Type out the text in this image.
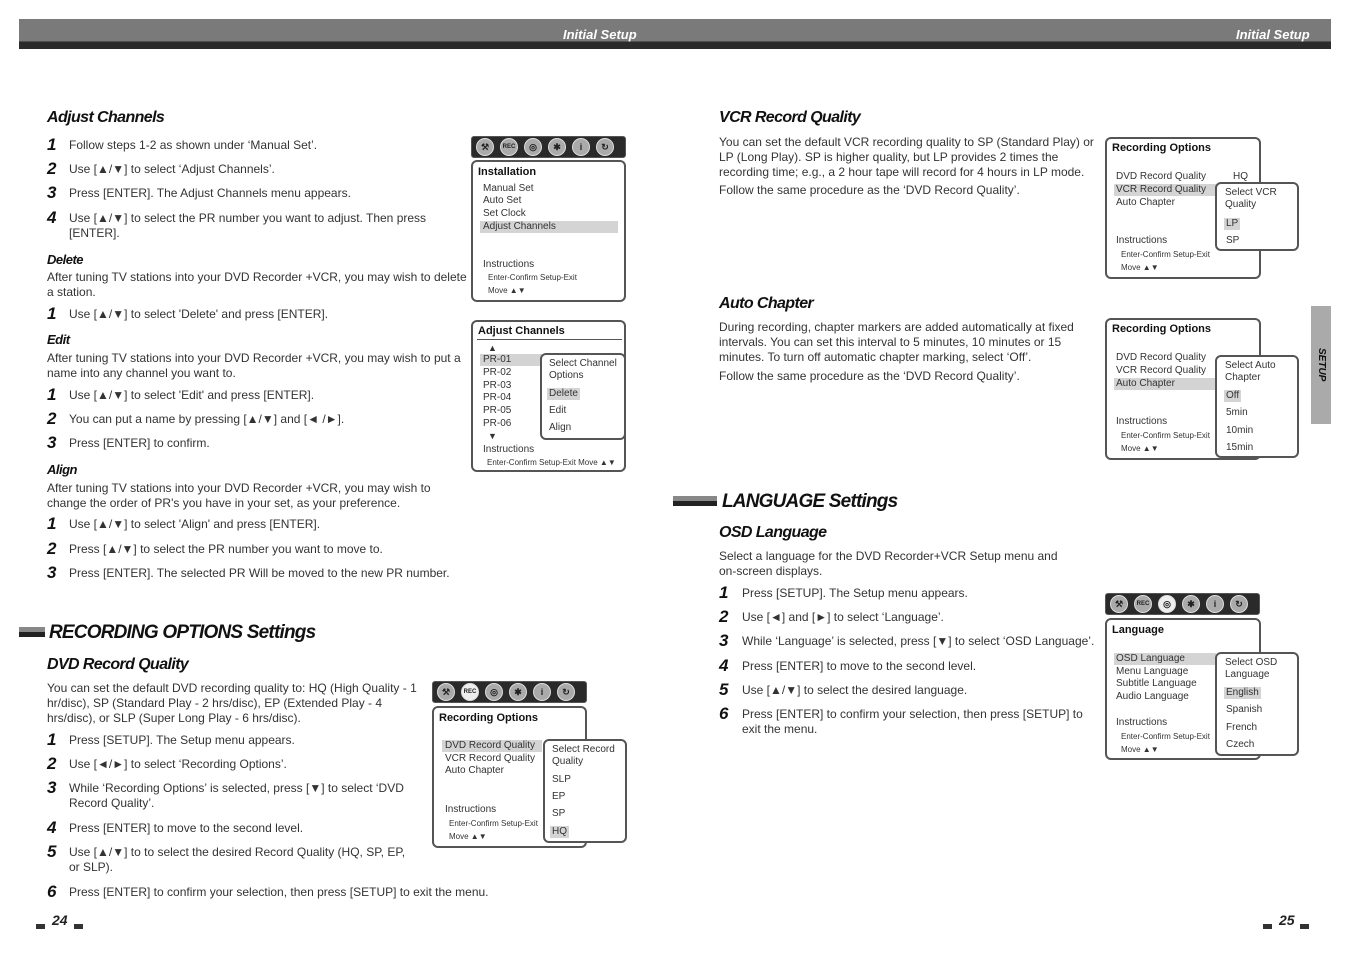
Initial Setup	Initial Setup
SETUP
Adjust Channels
1 Follow steps 1-2 as shown under ‘Manual Set’.
2 Use [▲/▼] to select ‘Adjust Channels’.
3 Press [ENTER]. The Adjust Channels menu appears.
4 Use [▲/▼] to select the PR number you want to adjust. Then press [ENTER].
Delete
After tuning TV stations into your DVD Recorder +VCR, you may wish to delete a station.
1 Use [▲/▼] to select 'Delete' and press [ENTER].
Edit
After tuning TV stations into your DVD Recorder +VCR, you may wish to put a name into any channel you want to.
1 Use [▲/▼] to select 'Edit' and press [ENTER].
2 You can put a name by pressing [▲/▼] and [◄ /►].
3 Press [ENTER] to confirm.
Align
After tuning TV stations into your DVD Recorder +VCR, you may wish to change the order of PR's you have in your set, as your preference.
1 Use [▲/▼] to select 'Align' and press [ENTER].
2 Press [▲/▼] to select the PR number you want to move to.
3 Press [ENTER]. The selected PR Will be moved to the new PR number.
RECORDING OPTIONS Settings
DVD Record Quality
You can set the default DVD recording quality to: HQ (High Quality - 1 hr/disc), SP (Standard Play - 2 hrs/disc), EP (Extended Play - 4 hrs/disc), or SLP (Super Long Play - 6 hrs/disc).
1 Press [SETUP]. The Setup menu appears.
2 Use [◄/►] to select ‘Recording Options’.
3 While ‘Recording Options’ is selected, press [▼] to select ‘DVD Record Quality’.
4 Press [ENTER] to move to the second level.
5 Use [▲/▼] to to select the desired Record Quality (HQ, SP, EP, or SLP).
6 Press [ENTER] to confirm your selection, then press [SETUP] to exit the menu.
24
⚒	REC	◎	✱	i	↻
Installation
Manual Set
Auto Set
Set Clock
Adjust Channels
Instructions
Enter-Confirm Setup-Exit
Move ▲▼
Adjust Channels
▲
PR-01
PR-02
PR-03
PR-04
PR-05
PR-06
▼
Instructions
Enter-Confirm Setup-Exit Move ▲▼
Select Channel Options
Delete
Edit
Align
⚒	REC	◎	✱	i	↻
Recording Options
DVD Record Quality
VCR Record Quality
Auto Chapter
Instructions
Enter-Confirm Setup-Exit
Move ▲▼
Select Record Quality
SLP
EP
SP
HQ
VCR Record Quality
You can set the default VCR recording quality to SP (Standard Play) or LP (Long Play). SP is higher quality, but LP provides 2 times the recording time; e.g., a 2 hour tape will record for 4 hours in LP mode.
Follow the same procedure as the ‘DVD Record Quality’.
Recording Options
DVD Record Quality	HQ
VCR Record Quality
Auto Chapter
Instructions
Enter-Confirm Setup-Exit
Move ▲▼
Select VCR Quality
LP
SP
Auto Chapter
During recording, chapter markers are added automatically at fixed intervals. You can set this interval to 5 minutes, 10 minutes or 15 minutes. To turn off automatic chapter marking, select ‘Off’.
Follow the same procedure as the ‘DVD Record Quality’.
Recording Options
DVD Record Quality
VCR Record Quality
Auto Chapter
Instructions
Enter-Confirm Setup-Exit
Move ▲▼
Select Auto Chapter
Off
5min
10min
15min
LANGUAGE Settings
OSD Language
Select a language for the DVD Recorder+VCR Setup menu and on-screen displays.
1 Press [SETUP]. The Setup menu appears.
2 Use [◄] and [►] to select ‘Language’.
3 While ‘Language’ is selected, press [▼] to select ‘OSD Language’.
4 Press [ENTER] to move to the second level.
5 Use [▲/▼] to select the desired language.
6 Press [ENTER] to confirm your selection, then press [SETUP] to exit the menu.
⚒	REC	◎	✱	i	↻
Language
OSD Language
Menu Language
Subtitle Language
Audio Language
Instructions
Enter-Confirm Setup-Exit
Move ▲▼
Select OSD Language
English
Spanish
French
Czech
25
